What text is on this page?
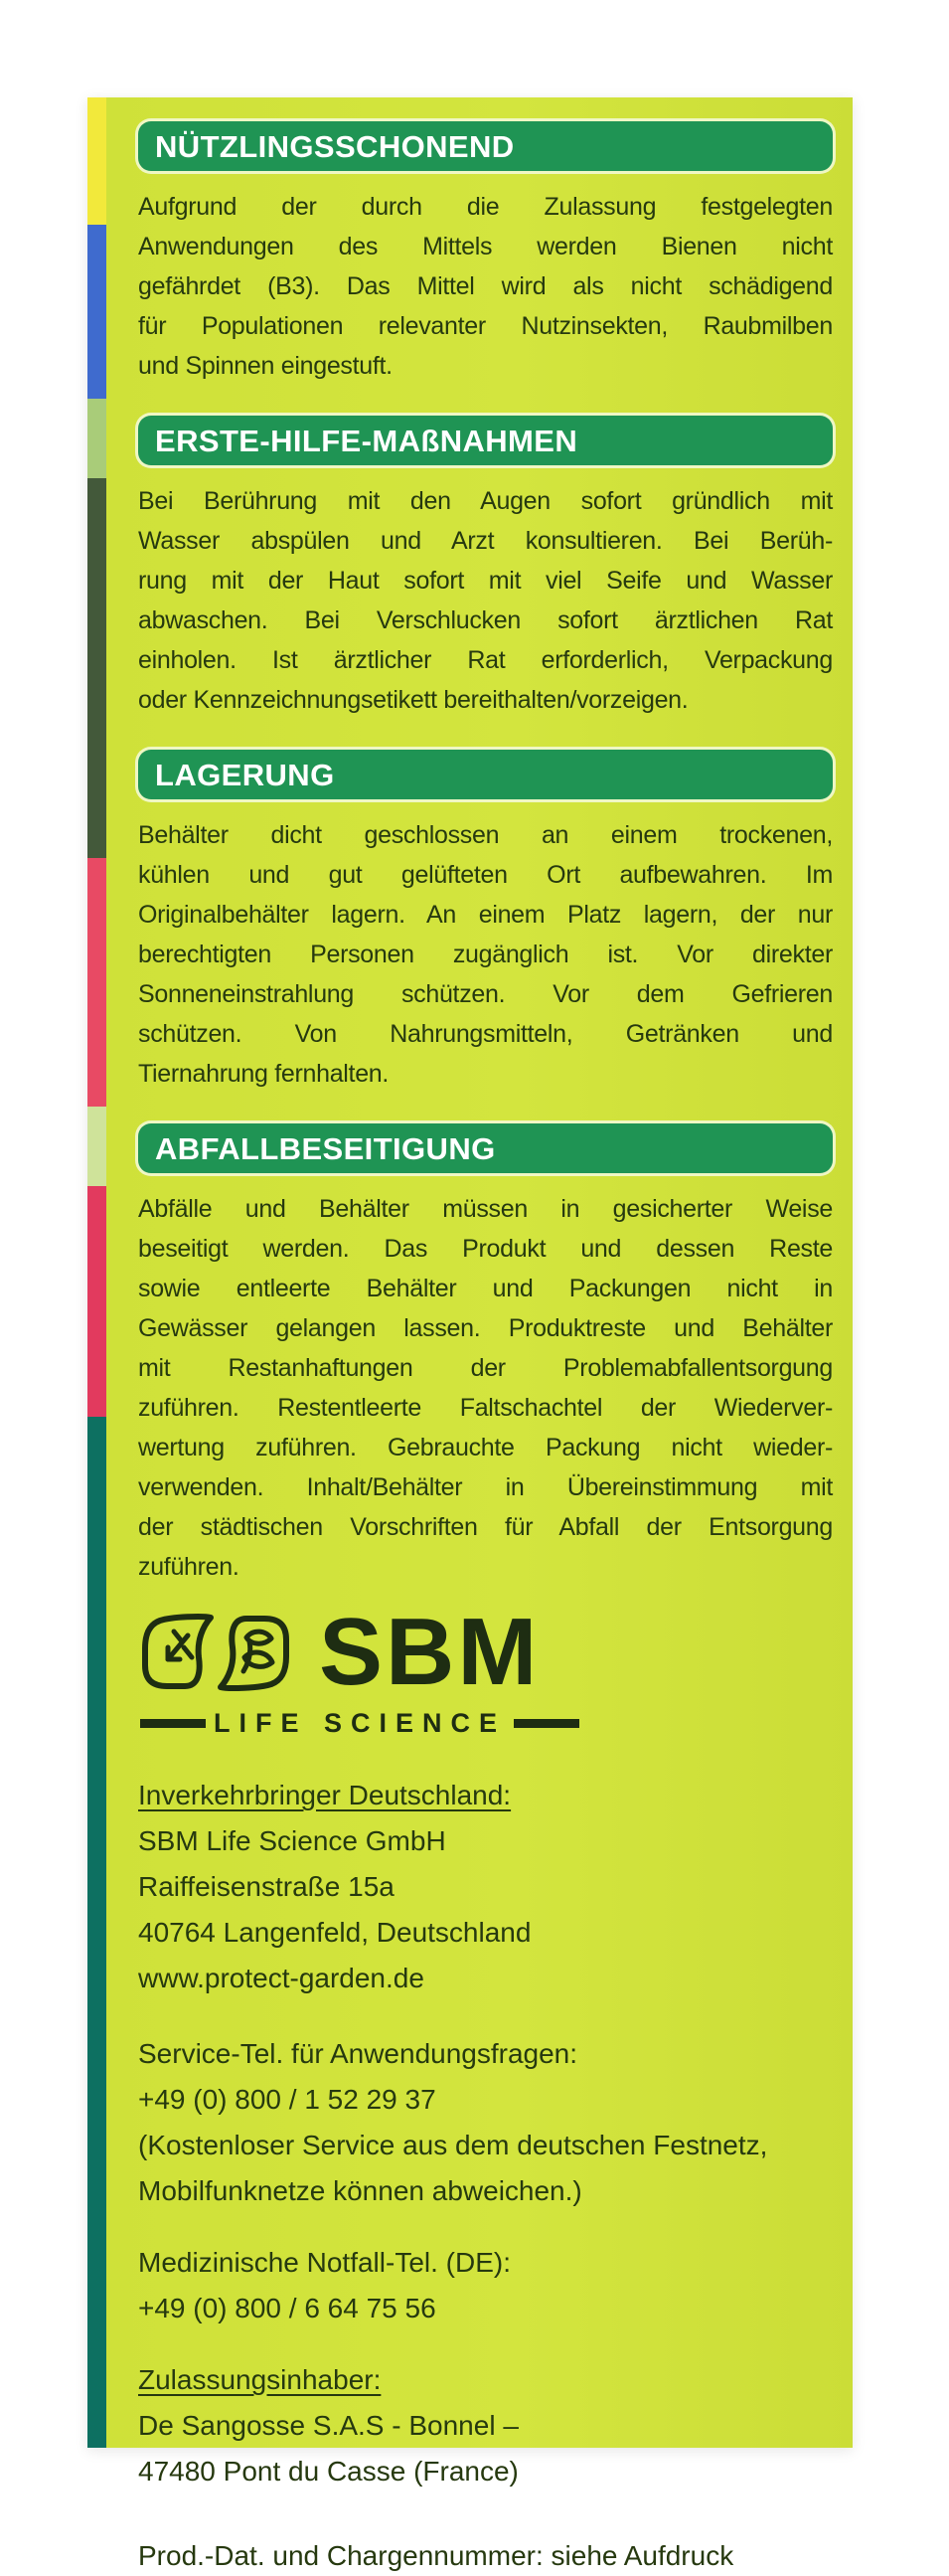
NÜTZLINGSSCHONEND
Aufgrund der durch die Zulassung festgelegten
Anwendungen des Mittels werden Bienen nicht
gefährdet (B3). Das Mittel wird als nicht schädigend
für Populationen relevanter Nutzinsekten, Raubmilben
und Spinnen eingestuft.
ERSTE-HILFE-MAßNAHMEN
Bei Berührung mit den Augen sofort gründlich mit
Wasser abspülen und Arzt konsultieren. Bei Berüh-
rung mit der Haut sofort mit viel Seife und Wasser
abwaschen. Bei Verschlucken sofort ärztlichen Rat
einholen. Ist ärztlicher Rat erforderlich, Verpackung
oder Kennzeichnungsetikett bereithalten/vorzeigen.
LAGERUNG
Behälter dicht geschlossen an einem trockenen,
kühlen und gut gelüfteten Ort aufbewahren. Im
Originalbehälter lagern. An einem Platz lagern, der nur
berechtigten Personen zugänglich ist. Vor direkter
Sonneneinstrahlung schützen. Vor dem Gefrieren
schützen. Von Nahrungsmitteln, Getränken und
Tiernahrung fernhalten.
ABFALLBESEITIGUNG
Abfälle und Behälter müssen in gesicherter Weise
beseitigt werden. Das Produkt und dessen Reste
sowie entleerte Behälter und Packungen nicht in
Gewässer gelangen lassen. Produktreste und Behälter
mit Restanhaftungen der Problemabfallentsorgung
zuführen. Restentleerte Faltschachtel der Wiederver-
wertung zuführen. Gebrauchte Packung nicht wieder-
verwenden. Inhalt/Behälter in Übereinstimmung mit
der städtischen Vorschriften für Abfall der Entsorgung
zuführen.
SBM
LIFE SCIENCE
Inverkehrbringer Deutschland:
SBM Life Science GmbH
Raiffeisenstraße 15a
40764 Langenfeld, Deutschland
www.protect-garden.de
Service-Tel. für Anwendungsfragen:
+49 (0) 800 / 1 52 29 37
(Kostenloser Service aus dem deutschen Festnetz,
Mobilfunknetze können abweichen.)
Medizinische Notfall-Tel. (DE):
+49 (0) 800 / 6 64 75 56
Zulassungsinhaber:
De Sangosse S.A.S - Bonnel –
47480 Pont du Casse (France)
Prod.-Dat. und Chargennummer: siehe Aufdruck
